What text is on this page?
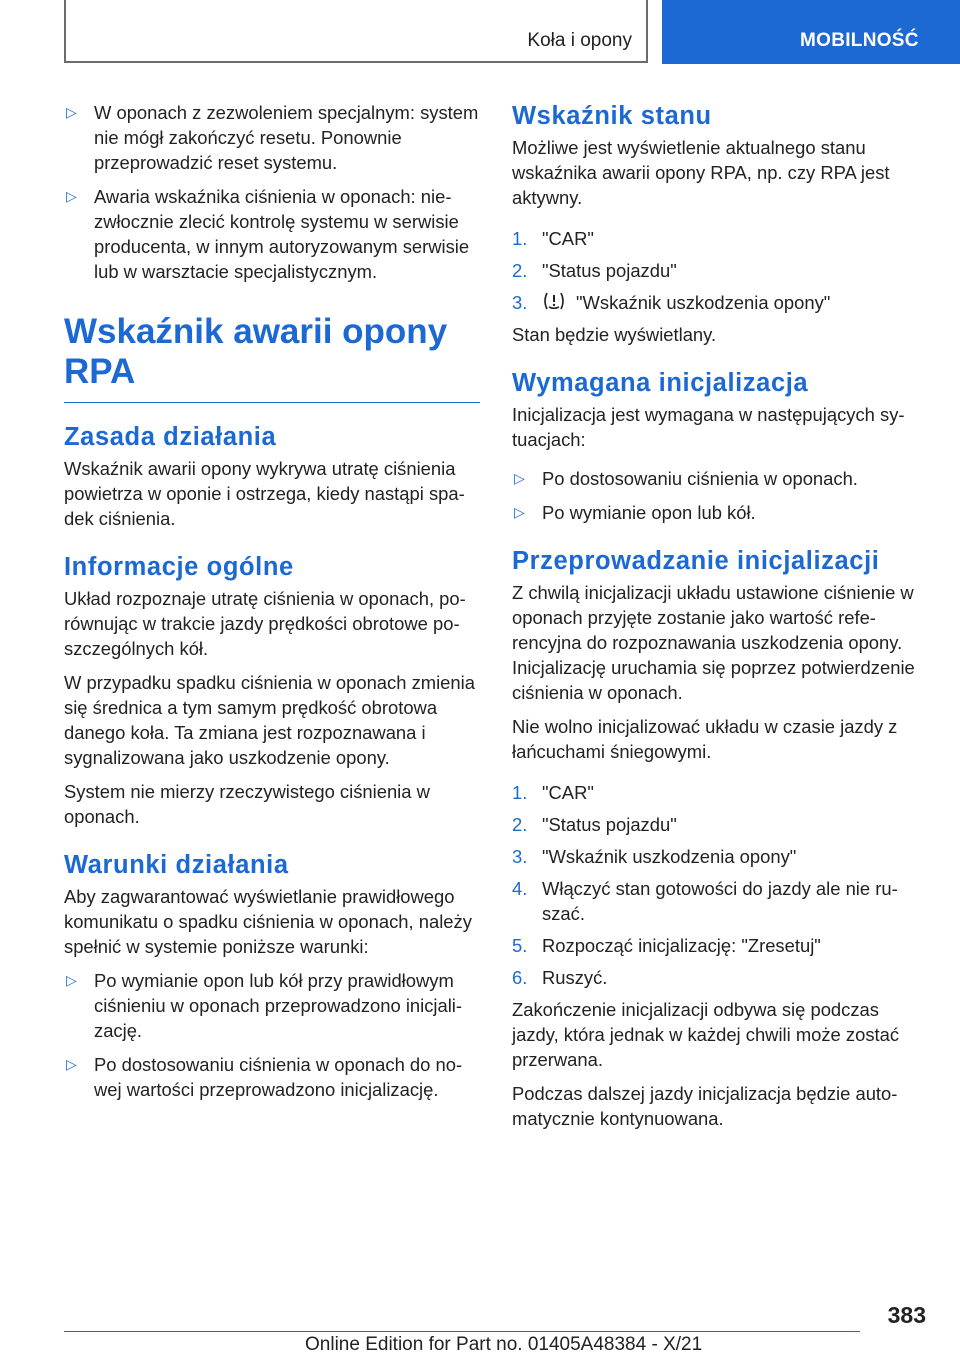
Koła i opony	MOBILNOŚĆ
▷ W oponach z zezwoleniem specjalnym: system nie mógł zakończyć resetu. Ponownie przeprowadzić reset systemu.
▷ Awaria wskaźnika ciśnienia w oponach: niezwłocznie zlecić kontrolę systemu w serwisie producenta, w innym autoryzowanym serwisie lub w warsztacie specjalistycznym.
Wskaźnik awarii opony RPA
Zasada działania

Wskaźnik awarii opony wykrywa utratę ciśnienia powietrza w oponie i ostrzega, kiedy nastąpi spadek ciśnienia.

Informacje ogólne

Układ rozpoznaje utratę ciśnienia w oponach, porównując w trakcie jazdy prędkości obrotowe poszczególnych kół.

W przypadku spadku ciśnienia w oponach zmienia się średnica a tym samym prędkość obrotowa danego koła. Ta zmiana jest rozpoznawana i sygnalizowana jako uszkodzenie opony.

System nie mierzy rzeczywistego ciśnienia w oponach.

Warunki działania

Aby zagwarantować wyświetlanie prawidłowego komunikatu o spadku ciśnienia w oponach, należy spełnić w systemie poniższe warunki:

▷ Po wymianie opon lub kół przy prawidłowym ciśnieniu w oponach przeprowadzono inicjalizację.
▷ Po dostosowaniu ciśnienia w oponach do nowej wartości przeprowadzono inicjalizację.
Wskaźnik stanu

Możliwe jest wyświetlenie aktualnego stanu wskaźnika awarii opony RPA, np. czy RPA jest aktywny.

1. "CAR"
2. "Status pojazdu"
3.	"Wskaźnik uszkodzenia opony"

Stan będzie wyświetlany.

Wymagana inicjalizacja

Inicjalizacja jest wymagana w następujących sytuacjach:

▷ Po dostosowaniu ciśnienia w oponach.
▷ Po wymianie opon lub kół.
Przeprowadzanie inicjalizacji

Z chwilą inicjalizacji układu ustawione ciśnienie w oponach przyjęte zostanie jako wartość referencyjna do rozpoznawania uszkodzenia opony. Inicjalizację uruchamia się poprzez potwierdzenie ciśnienia w oponach.

Nie wolno inicjalizować układu w czasie jazdy z łańcuchami śniegowymi.

1. "CAR"
2. "Status pojazdu"
3. "Wskaźnik uszkodzenia opony"
4. Włączyć stan gotowości do jazdy ale nie ruszać.
5. Rozpocząć inicjalizację: "Zresetuj"
6. Ruszyć.

Zakończenie inicjalizacji odbywa się podczas jazdy, która jednak w każdej chwili może zostać przerwana.

Podczas dalszej jazdy inicjalizacja będzie automatycznie kontynuowana.

383
Online Edition for Part no. 01405A48384 - X/21
